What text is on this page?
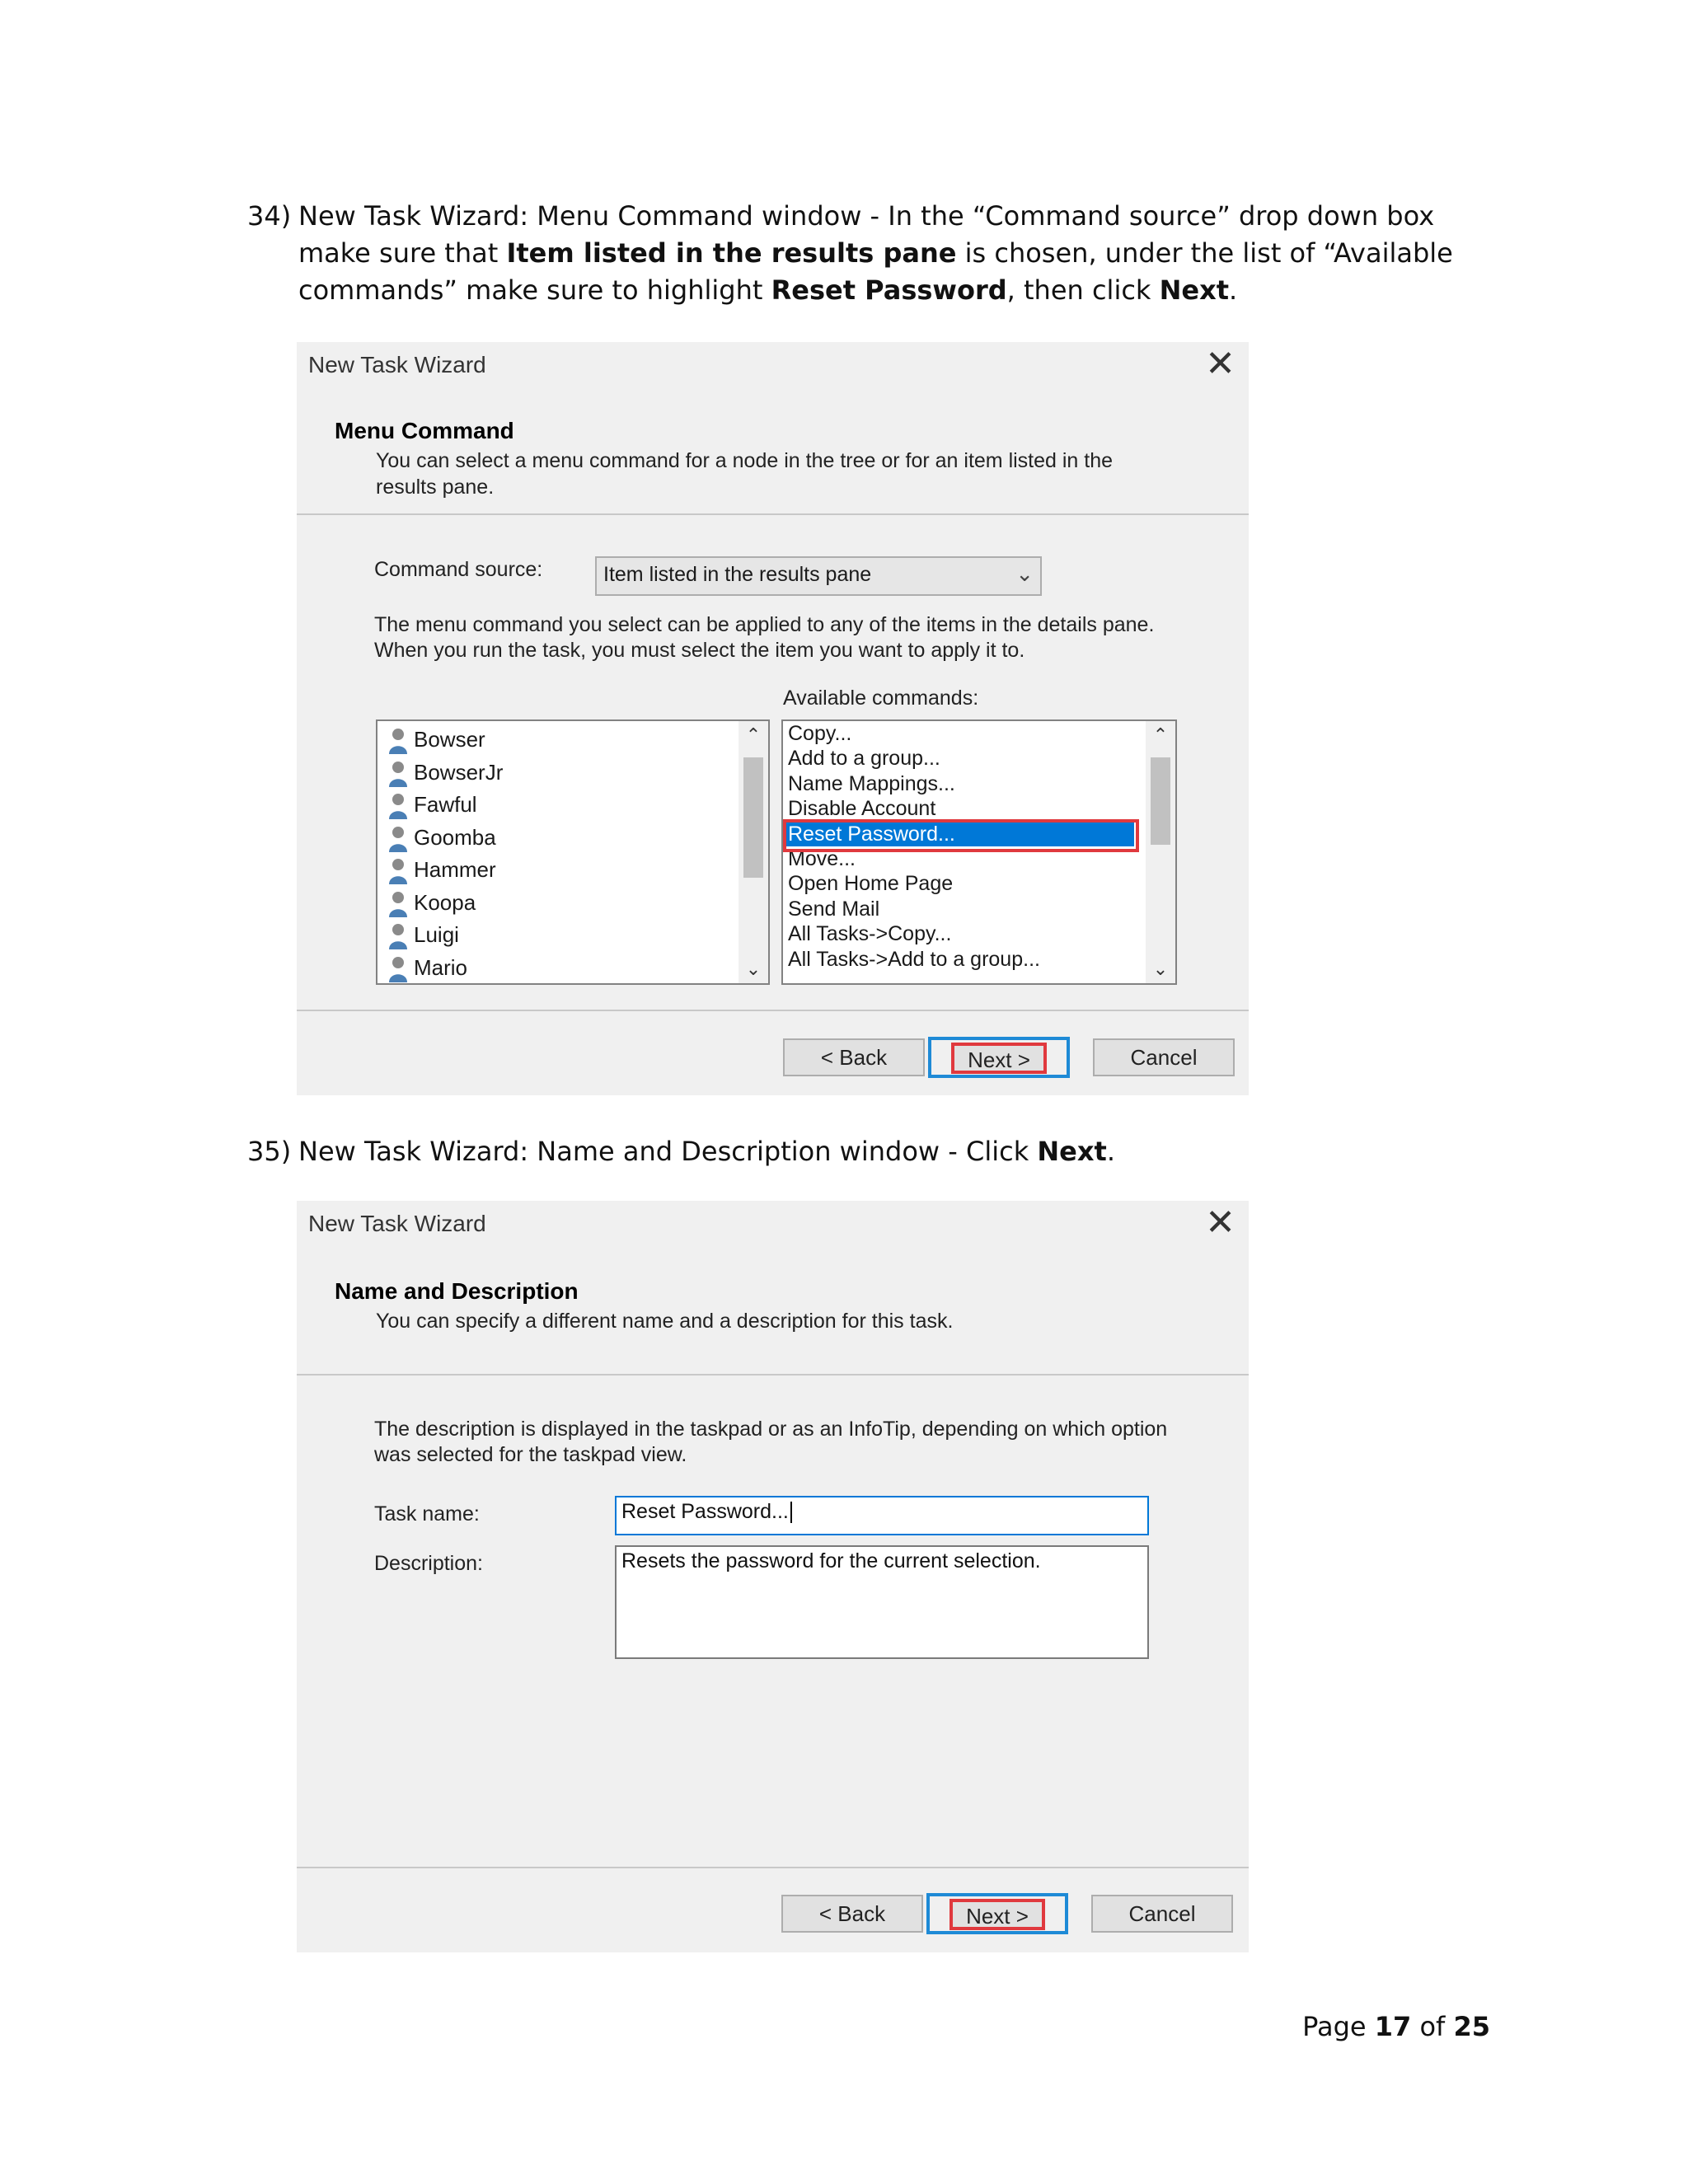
34) New Task Wizard: Menu Command window - In the “Command source” drop down box make sure that Item listed in the results pane is chosen, under the list of “Available commands” make sure to highlight Reset Password, then click Next.
New Task Wizard	✕
Menu Command
You can select a menu command for a node in the tree or for an item listed in the results pane.
Command source:	Item listed in the results pane	⌄
The menu command you select can be applied to any of the items in the details pane. When you run the task, you must select the item you want to apply it to.
Available commands:
Bowser
BowserJr
Fawful
Goomba
Hammer
Koopa
Luigi
Mario
⌃
⌄
Copy...
Add to a group...
Name Mappings...
Disable Account
Reset Password...
Move...
Open Home Page
Send Mail
All Tasks->Copy...
All Tasks->Add to a group...
⌃
⌄
< Back	Next >	Cancel
35) New Task Wizard: Name and Description window - Click Next.
New Task Wizard	✕
Name and Description
You can specify a different name and a description for this task.
The description is displayed in the taskpad or as an InfoTip, depending on which option was selected for the taskpad view.
Task name:	Reset Password...
Description:	Resets the password for the current selection.
< Back	Next >	Cancel
Page 17 of 25
